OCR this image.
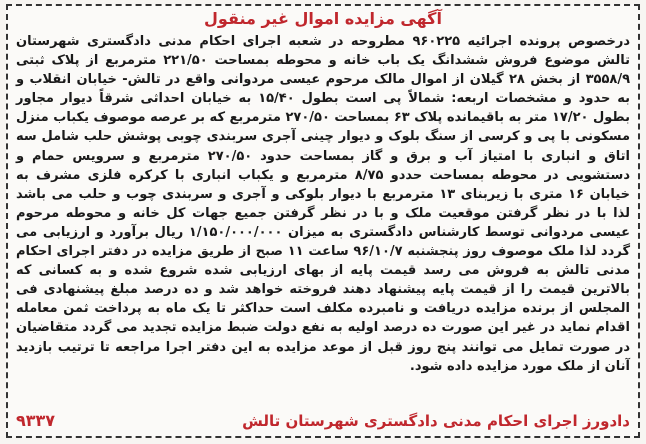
آگهی مزایده اموال غیر منقول

درخصوص پرونده اجرائیه ۹۶۰۲۲۵ مطروحه در شعبه اجرای احکام مدنی دادگستری شهرستان تالش موضوع فروش ششدانگ یک باب خانه و محوطه بمساحت ۲۲۱/۵۰ مترمربع از پلاک ثبتی ۳۵۵۸/۹ از بخش ۲۸ گیلان از اموال مالک مرحوم عیسی مردوانی واقع در تالش- خیابان انقلاب و به حدود و مشخصات اربعه: شمالاً پی است بطول ۱۵/۴۰ به خیابان احداثی شرقاً دیوار مجاور بطول ۱۷/۲۰ متر به باقیمانده پلاک ۶۳ بمساحت ۲۷۰/۵۰ مترمربع که بر عرصه موصوف یکباب منزل مسکونی با پی و کرسی از سنگ بلوک و دیوار چینی آجری سربندی چوبی پوشش حلب شامل سه اتاق و انباری با امتیاز آب و برق و گاز بمساحت حدود ۲۷۰/۵۰ مترمربع و سرویس حمام و دستشویی در محوطه بمساحت حددو ۸/۷۵ مترمربع و یکباب انباری با کرکره فلزی مشرف به خیابان ۱۶ متری با زیربنای ۱۳ مترمربع با دیوار بلوکی و آجری و سربندی چوب و حلب می باشد لذا با در نظر گرفتن موقعیت ملک و با در نظر گرفتن جمیع جهات کل خانه و محوطه مرحوم عیسی مردوانی توسط کارشناس دادگستری به میزان ۱/۱۵۰/۰۰۰/۰۰۰ ریال برآورد و ارزیابی می گردد لذا ملک موصوف روز پنجشنبه ۹۶/۱۰/۷ ساعت ۱۱ صبح از طریق مزایده در دفتر اجرای احکام مدنی تالش به فروش می رسد قیمت پایه از بهای ارزیابی شده شروع شده و به کسانی که بالاترین قیمت را از قیمت پایه پیشنهاد دهند فروخته خواهد شد و ده درصد مبلغ پیشنهادی فی المجلس از برنده مزایده دریافت و نامبرده مکلف است حداکثر تا یک ماه به پرداخت ثمن معامله اقدام نماید در غیر این صورت ده درصد اولیه به نفع دولت ضبط مزایده تجدید می گردد متقاضیان در صورت تمایل می توانند پنج روز قبل از موعد مزایده به این دفتر اجرا مراجعه تا ترتیب بازدید آنان از ملک مورد مزایده داده شود.

دادورز اجرای احکام مدنی دادگستری شهرستان تالش
۹۳۳۷
